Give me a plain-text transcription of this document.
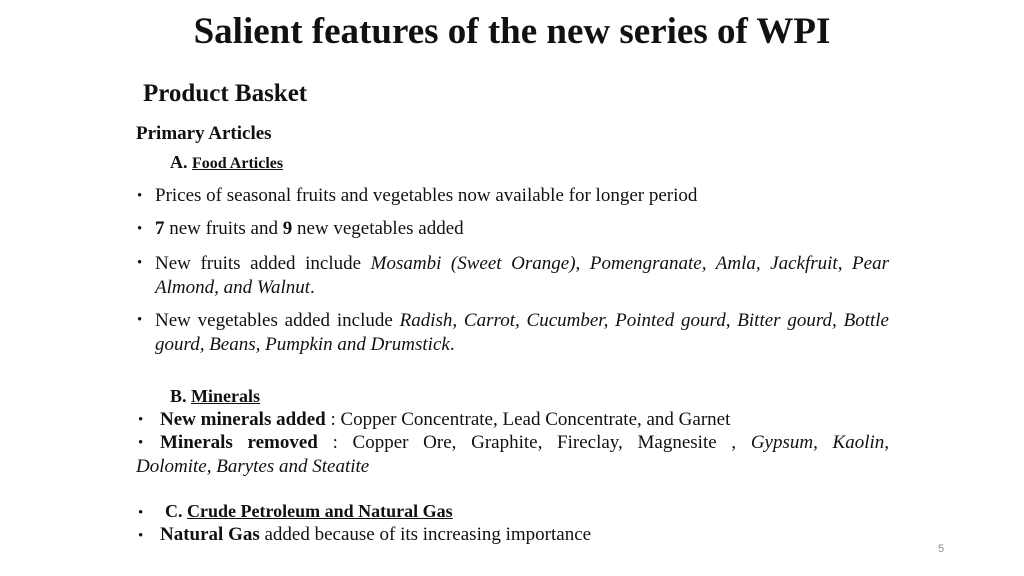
Salient features of the new series of WPI
Product Basket
Primary Articles
A. Food Articles
• Prices of seasonal fruits and vegetables now available for longer period
• 7 new fruits and 9 new vegetables added
• New fruits added include Mosambi (Sweet Orange), Pomengranate, Amla, Jackfruit, Pear
Almond, and Walnut.
• New vegetables added include Radish, Carrot, Cucumber, Pointed gourd, Bitter gourd, Bottle
gourd, Beans, Pumpkin and Drumstick.
B. Minerals
• New minerals added : Copper Concentrate, Lead Concentrate, and Garnet
• Minerals removed : Copper Ore, Graphite, Fireclay, Magnesite , Gypsum, Kaolin,
Dolomite, Barytes and Steatite
• C. Crude Petroleum and Natural Gas
• Natural Gas added because of its increasing importance
5
